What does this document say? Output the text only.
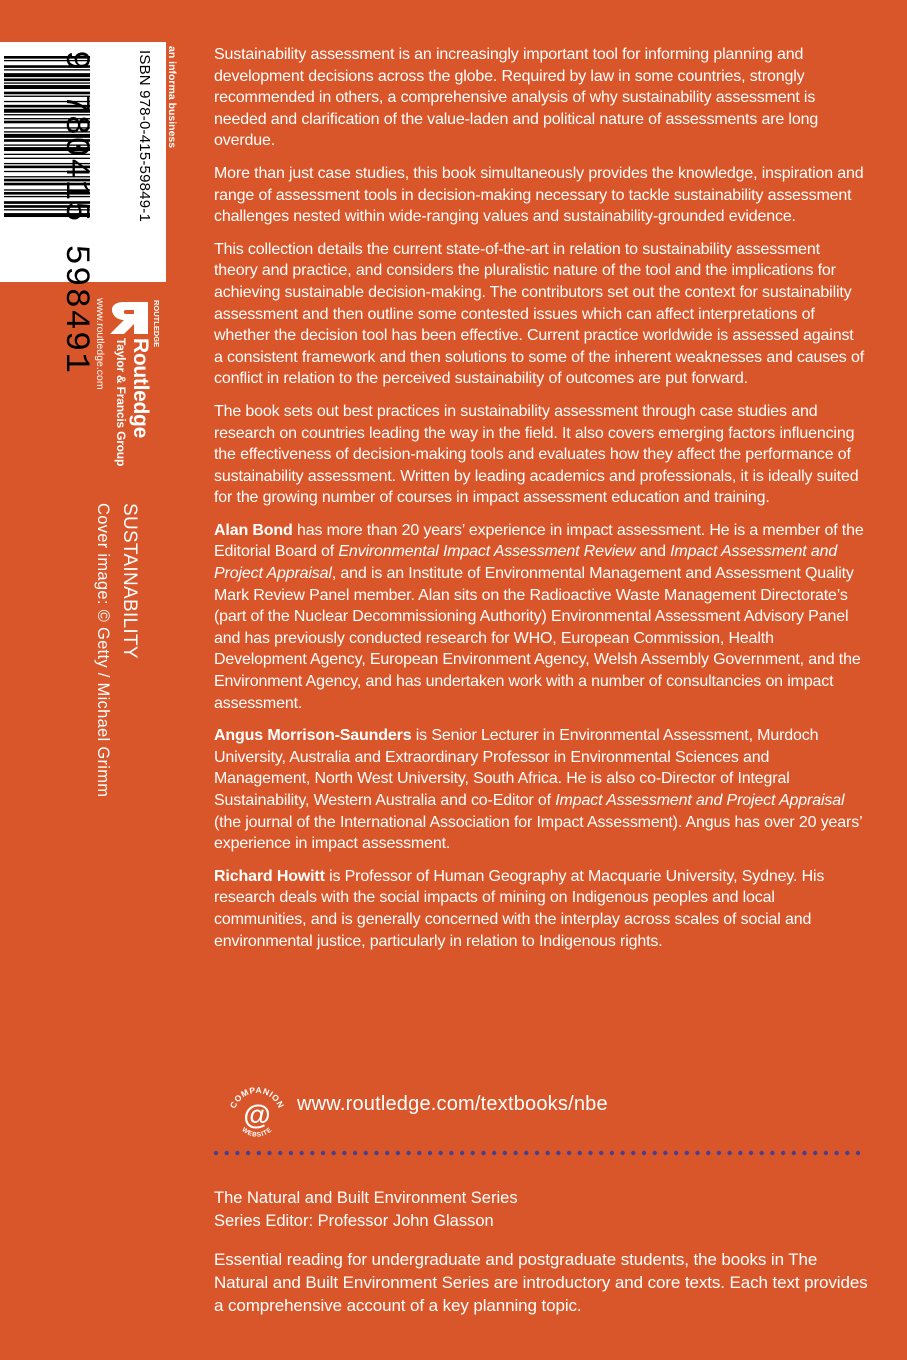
an informa business
ISBN 978-0-415-59849-1
9 780415 598491	ROUTLEDGE
Routledge
Taylor & Francis Group
www.routledge.com
SUSTAINABILITY
Cover image: © Getty / Michael Grimm

Sustainability assessment is an increasingly important tool for informing planning and development decisions across the globe. Required by law in some countries, strongly recommended in others, a comprehensive analysis of why sustainability assessment is needed and clarification of the value-laden and political nature of assessments are long overdue.

More than just case studies, this book simultaneously provides the knowledge, inspiration and range of assessment tools in decision-making necessary to tackle sustainability assessment challenges nested within wide-ranging values and sustainability-grounded evidence.

This collection details the current state-of-the-art in relation to sustainability assessment theory and practice, and considers the pluralistic nature of the tool and the implications for achieving sustainable decision-making. The contributors set out the context for sustainability assessment and then outline some contested issues which can affect interpretations of whether the decision tool has been effective. Current practice worldwide is assessed against a consistent framework and then solutions to some of the inherent weaknesses and causes of conflict in relation to the perceived sustainability of outcomes are put forward.

The book sets out best practices in sustainability assessment through case studies and research on countries leading the way in the field. It also covers emerging factors influencing the effectiveness of decision-making tools and evaluates how they affect the performance of sustainability assessment. Written by leading academics and professionals, it is ideally suited for the growing number of courses in impact assessment education and training.

Alan Bond has more than 20 years’ experience in impact assessment. He is a member of the Editorial Board of Environmental Impact Assessment Review and Impact Assessment and Project Appraisal, and is an Institute of Environmental Management and Assessment Quality Mark Review Panel member. Alan sits on the Radioactive Waste Management Directorate’s (part of the Nuclear Decommissioning Authority) Environmental Assessment Advisory Panel and has previously conducted research for WHO, European Commission, Health Development Agency, European Environment Agency, Welsh Assembly Government, and the Environment Agency, and has undertaken work with a number of consultancies on impact assessment.

Angus Morrison-Saunders is Senior Lecturer in Environmental Assessment, Murdoch University, Australia and Extraordinary Professor in Environmental Sciences and Management, North West University, South Africa. He is also co-Director of Integral Sustainability, Western Australia and co-Editor of Impact Assessment and Project Appraisal (the journal of the International Association for Impact Assessment). Angus has over 20 years’ experience in impact assessment.

Richard Howitt is Professor of Human Geography at Macquarie University, Sydney. His research deals with the social impacts of mining on Indigenous peoples and local communities, and is generally concerned with the interplay across scales of social and environmental justice, particularly in relation to Indigenous rights.

COMPANION
@
WEBSITE
www.routledge.com/textbooks/nbe
The Natural and Built Environment Series
Series Editor: Professor John Glasson
Essential reading for undergraduate and postgraduate students, the books in The Natural and Built Environment Series are introductory and core texts. Each text provides a comprehensive account of a key planning topic.
